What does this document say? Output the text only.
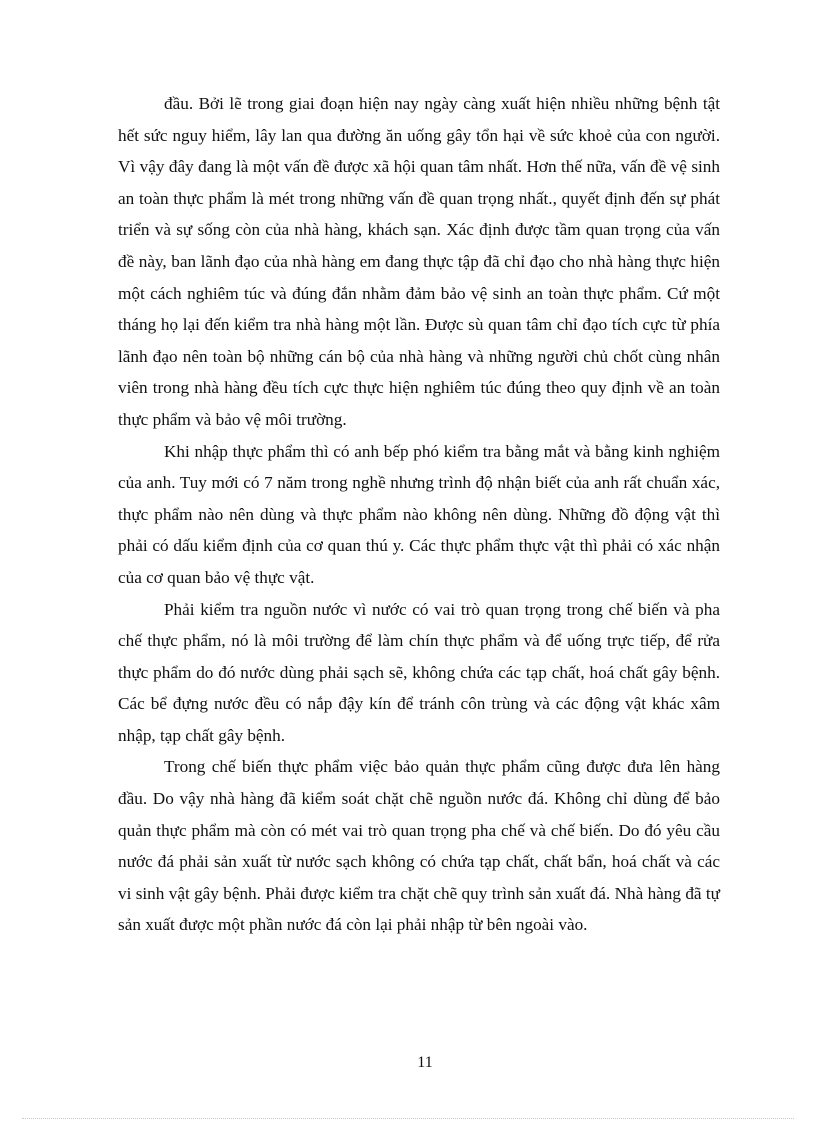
đầu. Bởi lẽ trong giai đoạn hiện nay ngày càng xuất hiện nhiều những bệnh tật hết sức nguy hiểm, lây lan qua đường ăn uống gây tổn hại về sức khoẻ của con người. Vì vậy đây đang là một vấn đề được xã hội quan tâm nhất. Hơn thế nữa, vấn đề vệ sinh an toàn thực phẩm là mét trong những vấn đề quan trọng nhất., quyết định đến sự phát triển và sự sống còn của nhà hàng, khách sạn. Xác định được tầm quan trọng của vấn đề này, ban lãnh đạo của nhà hàng em đang thực tập đã chỉ đạo cho nhà hàng thực hiện một cách nghiêm túc và đúng đắn nhằm đảm bảo vệ sinh an toàn thực phẩm. Cứ một tháng họ lại đến kiểm tra nhà hàng một lần. Được sù quan tâm chỉ đạo tích cực từ phía lãnh đạo nên toàn bộ những cán bộ của nhà hàng và những người chủ chốt cùng nhân viên trong nhà hàng đều tích cực thực hiện nghiêm túc đúng theo quy định về an toàn thực phẩm và bảo vệ môi trường.

Khi nhập thực phẩm thì có anh bếp phó kiểm tra bằng mắt và bằng kinh nghiệm của anh. Tuy mới có 7 năm trong nghề nhưng trình độ nhận biết của anh rất chuẩn xác, thực phẩm nào nên dùng và thực phẩm nào không nên dùng. Những đồ động vật thì phải có dấu kiểm định của cơ quan thú y. Các thực phẩm thực vật thì phải có xác nhận của cơ quan bảo vệ thực vật.

Phải kiểm tra nguồn nước vì nước có vai trò quan trọng trong chế biến và pha chế thực phẩm, nó là môi trường để làm chín thực phẩm và để uống trực tiếp, để rửa thực phẩm do đó nước dùng phải sạch sẽ, không chứa các tạp chất, hoá chất gây bệnh. Các bể đựng nước đều có nắp đậy kín để tránh côn trùng và các động vật khác xâm nhập, tạp chất gây bệnh.

Trong chế biến thực phẩm việc bảo quản thực phẩm cũng được đưa lên hàng đầu. Do vậy nhà hàng đã kiểm soát chặt chẽ nguồn nước đá. Không chỉ dùng để bảo quản thực phẩm mà còn có mét vai trò quan trọng pha chế và chế biến. Do đó yêu cầu nước đá phải sản xuất từ nước sạch không có chứa tạp chất, chất bẩn, hoá chất và các vi sinh vật gây bệnh. Phải được kiểm tra chặt chẽ quy trình sản xuất đá. Nhà hàng đã tự sản xuất được một phần nước đá còn lại phải nhập từ bên ngoài vào.

11
